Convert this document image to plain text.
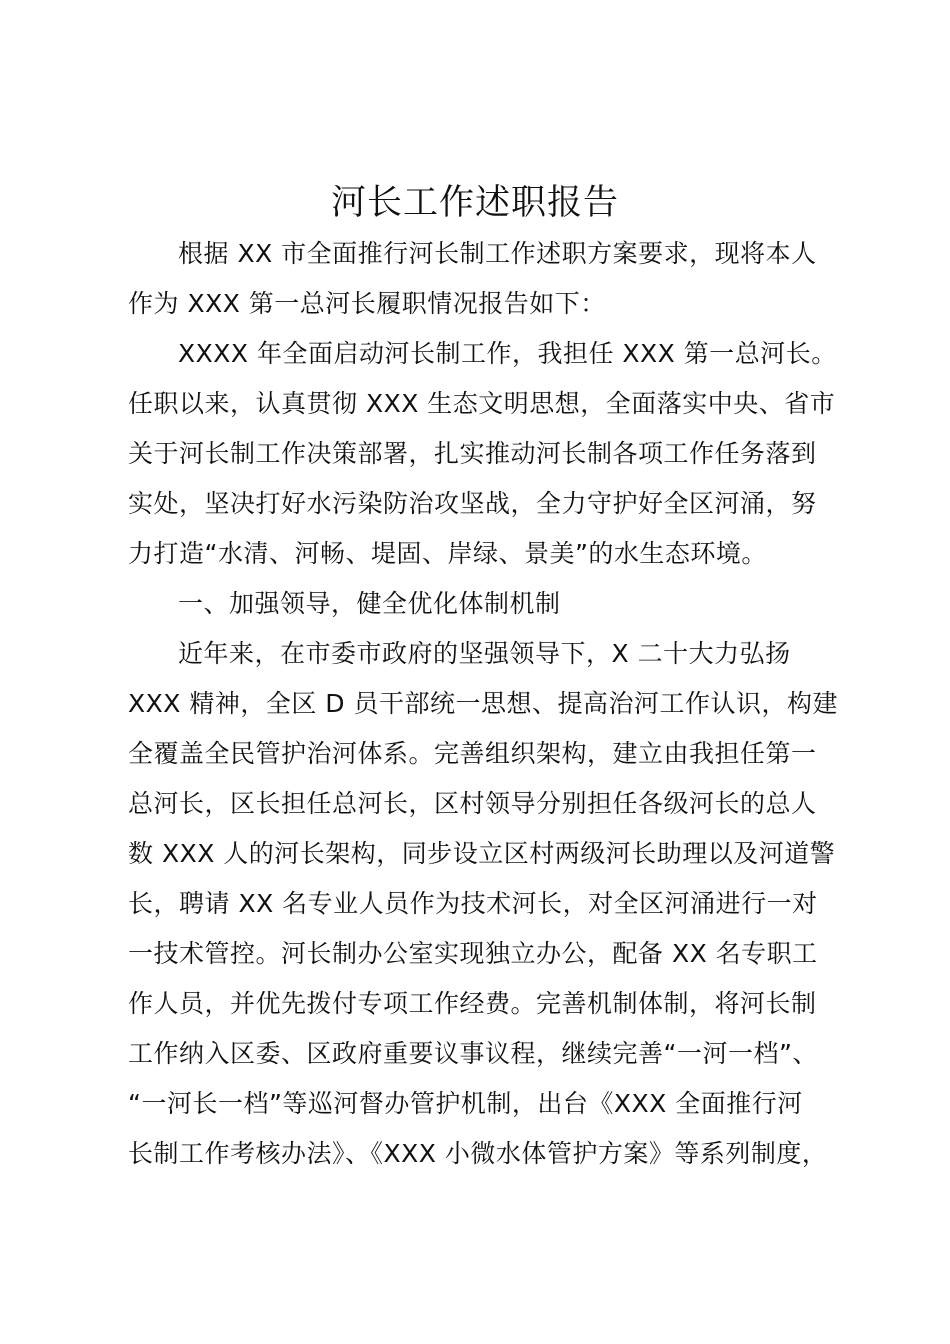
河长工作述职报告
根据 XX 市全面推行河长制工作述职方案要求，现将本人
作为 XXX 第一总河长履职情况报告如下：
XXXX 年全面启动河长制工作，我担任 XXX 第一总河长。
任职以来，认真贯彻 XXX 生态文明思想，全面落实中央、省市
关于河长制工作决策部署，扎实推动河长制各项工作任务落到
实处，坚决打好水污染防治攻坚战，全力守护好全区河涌，努
力打造“水清、河畅、堤固、岸绿、景美”的水生态环境。
一、加强领导，健全优化体制机制
近年来，在市委市政府的坚强领导下，X 二十大力弘扬
XXX 精神，全区 D 员干部统一思想、提高治河工作认识，构建
全覆盖全民管护治河体系。完善组织架构，建立由我担任第一
总河长，区长担任总河长，区村领导分别担任各级河长的总人
数 XXX 人的河长架构，同步设立区村两级河长助理以及河道警
长，聘请 XX 名专业人员作为技术河长，对全区河涌进行一对
一技术管控。河长制办公室实现独立办公，配备 XX 名专职工
作人员，并优先拨付专项工作经费。完善机制体制，将河长制
工作纳入区委、区政府重要议事议程，继续完善“一河一档”、
“一河长一档”等巡河督办管护机制，出台《XXX 全面推行河
长制工作考核办法》、《XXX 小微水体管护方案》等系列制度，
